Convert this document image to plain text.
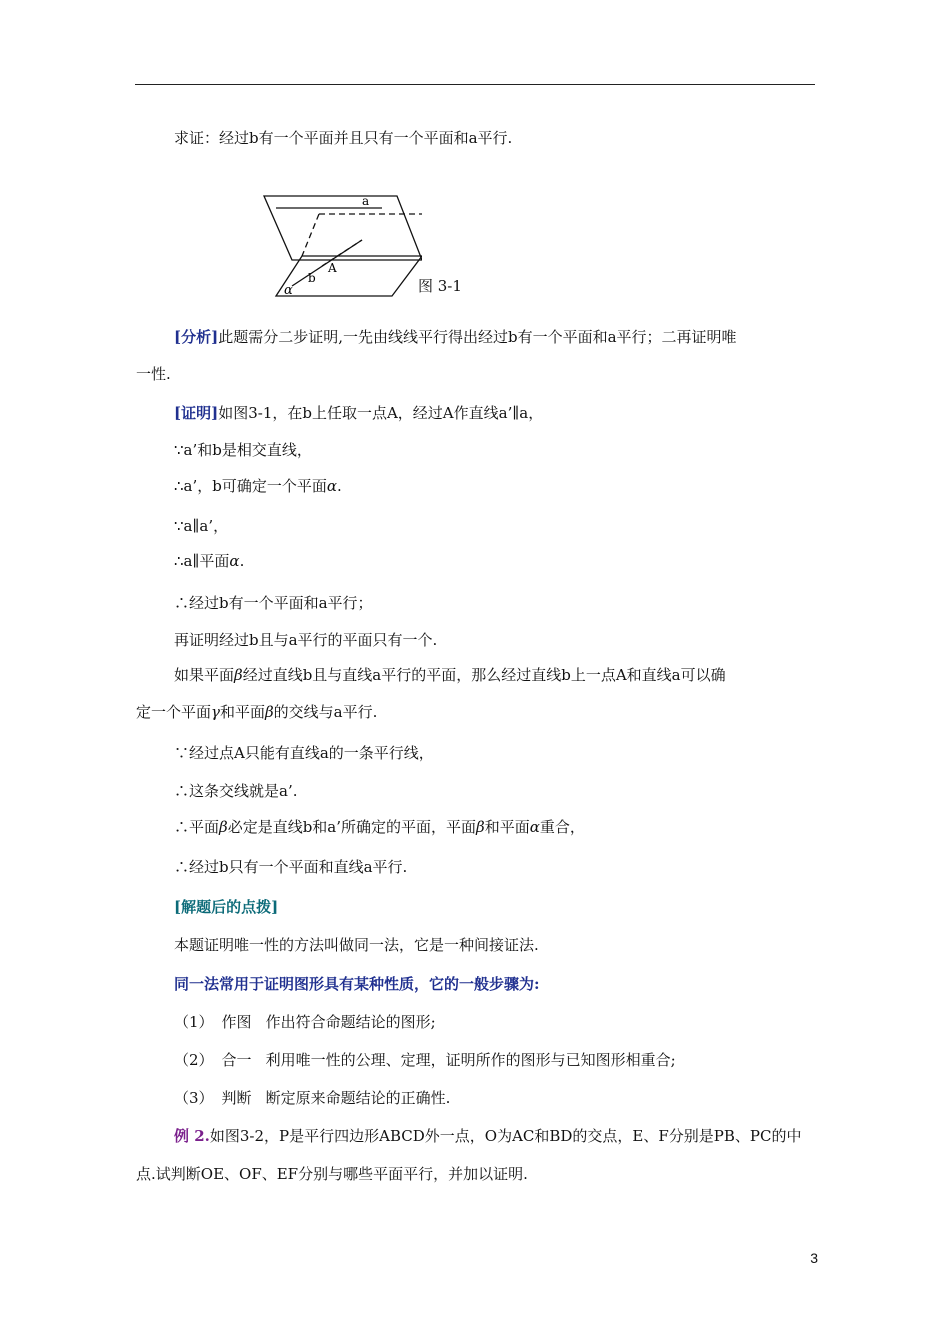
求证：经过b有一个平面并且只有一个平面和a平行.
a
b
A
α	图 3-1
[分析]此题需分二步证明,一先由线线平行得出经过b有一个平面和a平行；二再证明唯
一性.
[证明]如图3-1，在b上任取一点A，经过A作直线a’∥a，
∵a’和b是相交直线，
∴a’，b可确定一个平面α.
∵a∥a’，
∴a∥平面α.
∴经过b有一个平面和a平行；
再证明经过b且与a平行的平面只有一个.
如果平面β经过直线b且与直线a平行的平面，那么经过直线b上一点A和直线a可以确
定一个平面γ和平面β的交线与a平行.
∵经过点A只能有直线a的一条平行线，
∴这条交线就是a’.
∴平面β必定是直线b和a’所确定的平面，平面β和平面α重合，
∴经过b只有一个平面和直线a平行.
[解题后的点拨]
本题证明唯一性的方法叫做同一法，它是一种间接证法.
同一法常用于证明图形具有某种性质，它的一般步骤为:
（1） 作图 作出符合命题结论的图形;
（2） 合一 利用唯一性的公理、定理，证明所作的图形与已知图形相重合;
（3） 判断 断定原来命题结论的正确性.
例 2.如图3-2，P是平行四边形ABCD外一点，O为AC和BD的交点，E、F分别是PB、PC的中
点.试判断OE、OF、EF分别与哪些平面平行，并加以证明.
3
